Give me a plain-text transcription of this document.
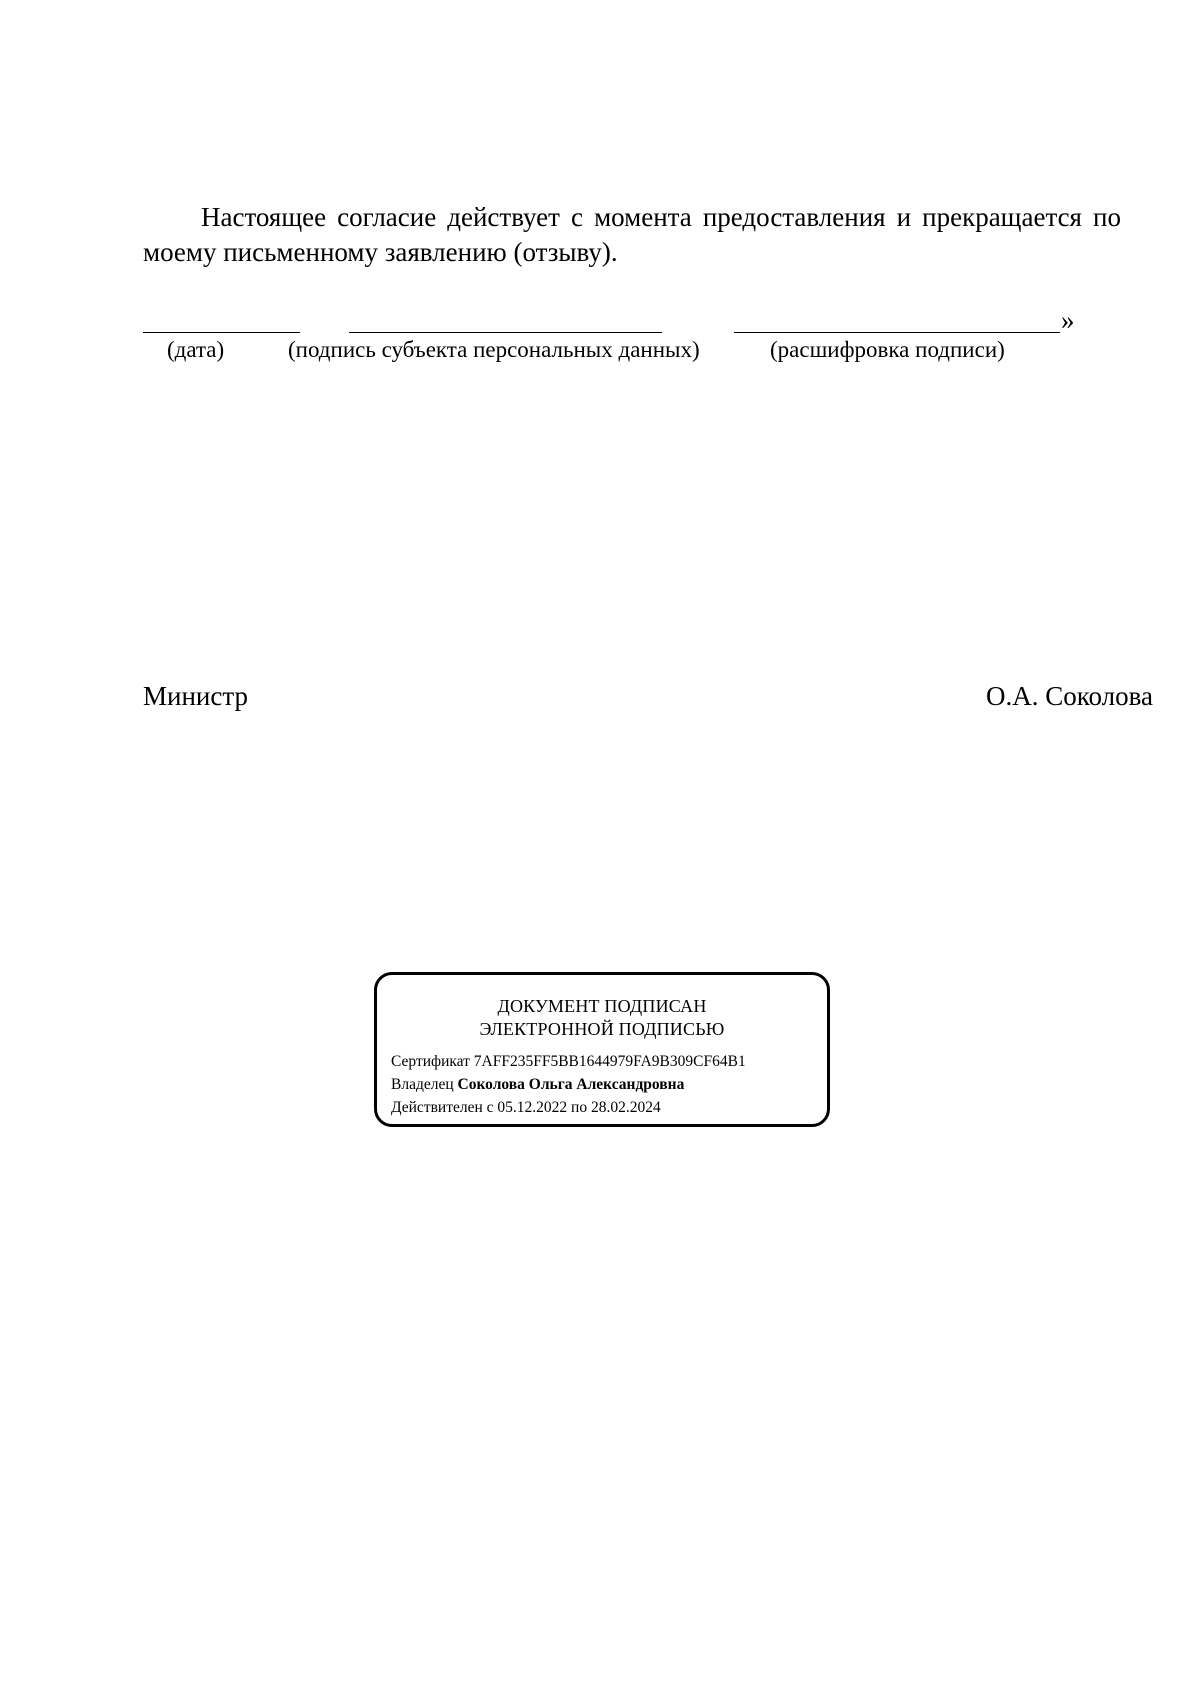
Настоящее согласие действует с момента предоставления и прекращается по моему письменному заявлению (отзыву).

»
(дата)	(подпись субъекта персональных данных)	(расшифровка подписи)
Министр	О.А. Соколова
ДОКУМЕНТ ПОДПИСАН
ЭЛЕКТРОННОЙ ПОДПИСЬЮ
Сертификат 7AFF235FF5BB1644979FA9B309CF64B1
Владелец Соколова Ольга Александровна
Действителен с 05.12.2022 по 28.02.2024
